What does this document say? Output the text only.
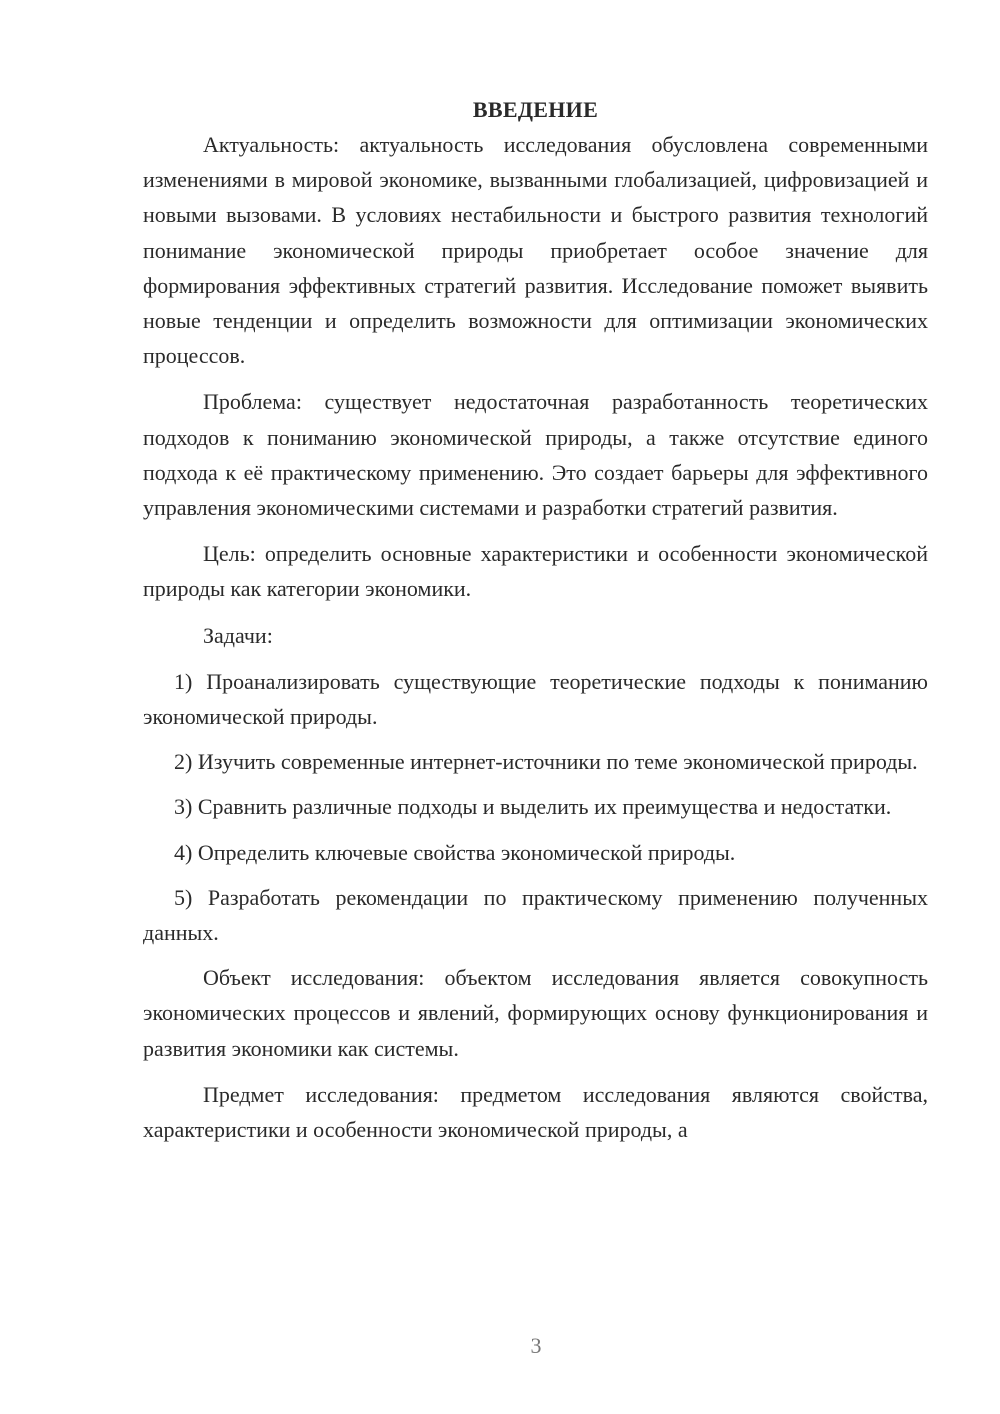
ВВЕДЕНИЕ

Актуальность: актуальность исследования обусловлена современными изменениями в мировой экономике, вызванными глобализацией, цифровизацией и новыми вызовами. В условиях нестабильности и быстрого развития технологий понимание экономической природы приобретает особое значение для формирования эффективных стратегий развития. Исследование поможет выявить новые тенденции и определить возможности для оптимизации экономических процессов.

Проблема: существует недостаточная разработанность теоретических подходов к пониманию экономической природы, а также отсутствие единого подхода к её практическому применению. Это создает барьеры для эффективного управления экономическими системами и разработки стратегий развития.

Цель: определить основные характеристики и особенности экономической природы как категории экономики.

Задачи:

1) Проанализировать существующие теоретические подходы к пониманию экономической природы.

2) Изучить современные интернет-источники по теме экономической природы.

3) Сравнить различные подходы и выделить их преимущества и недостатки.

4) Определить ключевые свойства экономической природы.

5) Разработать рекомендации по практическому применению полученных данных.

Объект исследования: объектом исследования является совокупность экономических процессов и явлений, формирующих основу функционирования и развития экономики как системы.

Предмет исследования: предметом исследования являются свойства, характеристики и особенности экономической природы, а

3
